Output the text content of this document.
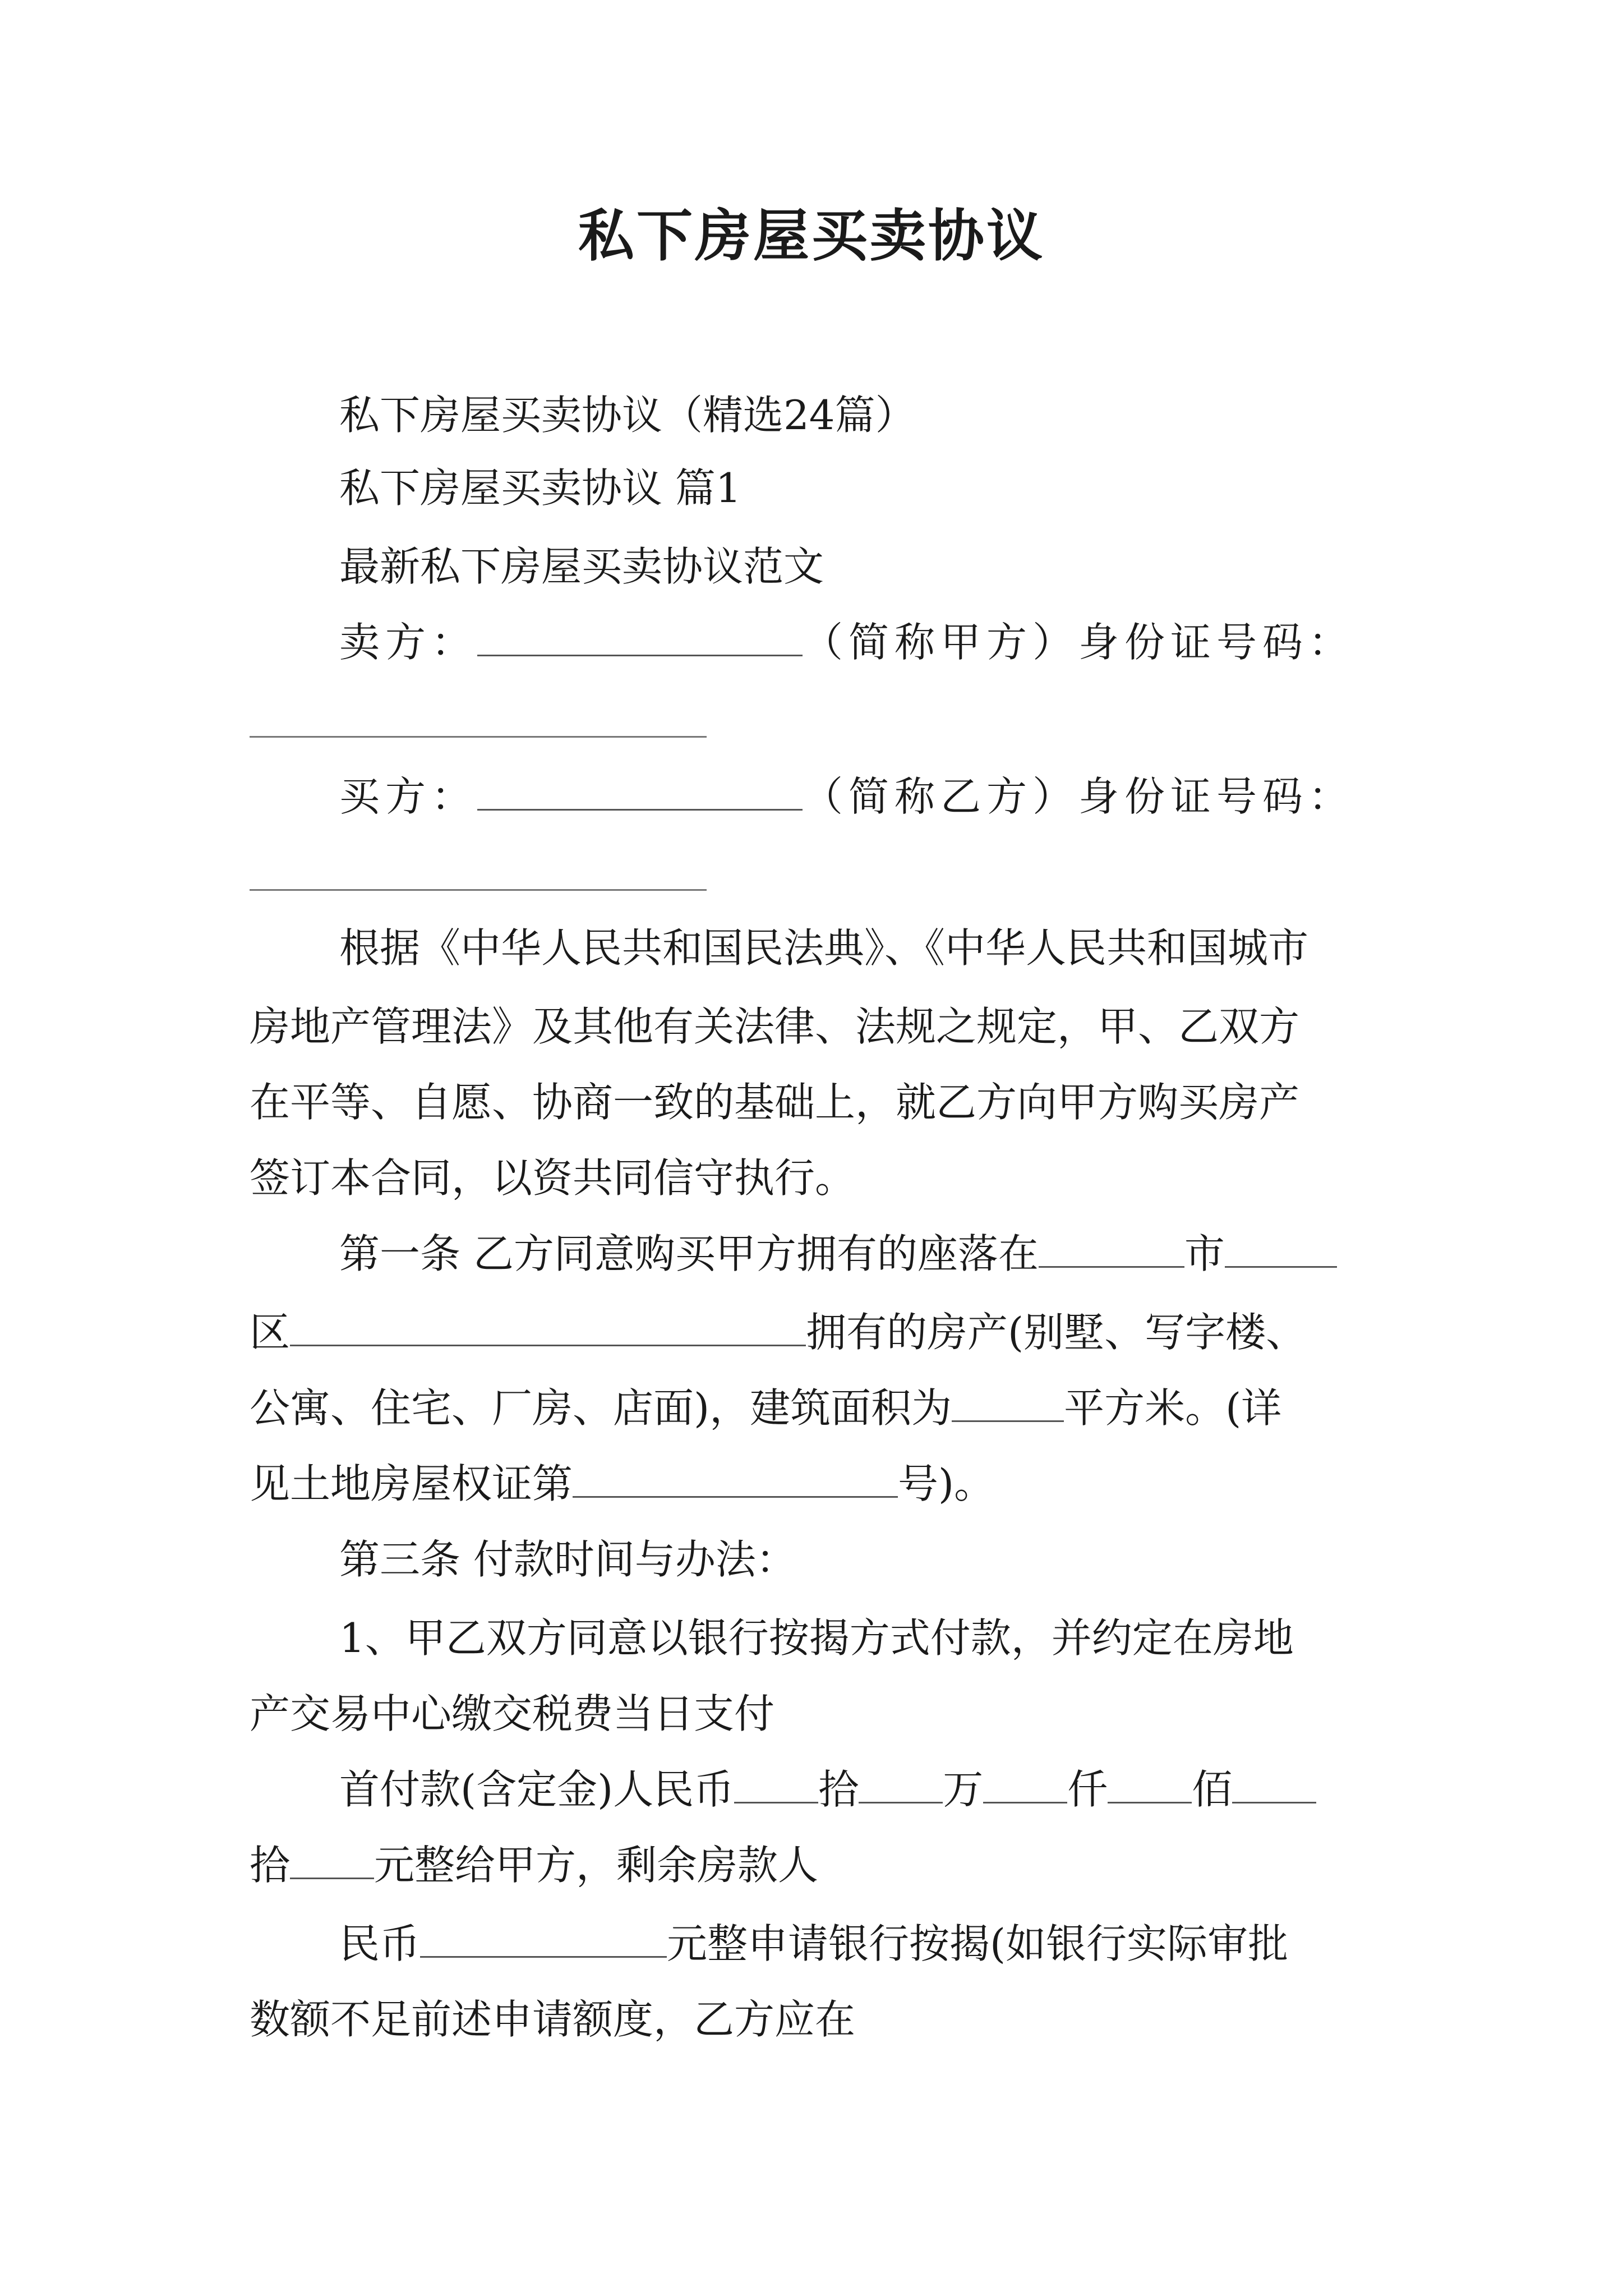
私下房屋买卖协议
私下房屋买卖协议（精选24篇）
私下房屋买卖协议 篇1
最新私下房屋买卖协议范文
卖方：	（简称甲方）身份证号码：
买方：	（简称乙方）身份证号码：
根据《中华人民共和国民法典》、《中华人民共和国城市
房地产管理法》及其他有关法律、法规之规定，甲、乙双方
在平等、自愿、协商一致的基础上，就乙方向甲方购买房产
签订本合同，以资共同信守执行。
第一条 乙方同意购买甲方拥有的座落在	市
区	拥有的房产(别墅、写字楼、
公寓、住宅、厂房、店面)，建筑面积为	平方米。(详
见土地房屋权证第	号)。
第三条 付款时间与办法：
1、甲乙双方同意以银行按揭方式付款，并约定在房地
产交易中心缴交税费当日支付
首付款(含定金)人民币 拾 万 仟 佰
拾 元整给甲方，剩余房款人
民币	元整申请银行按揭(如银行实际审批
数额不足前述申请额度，乙方应在
